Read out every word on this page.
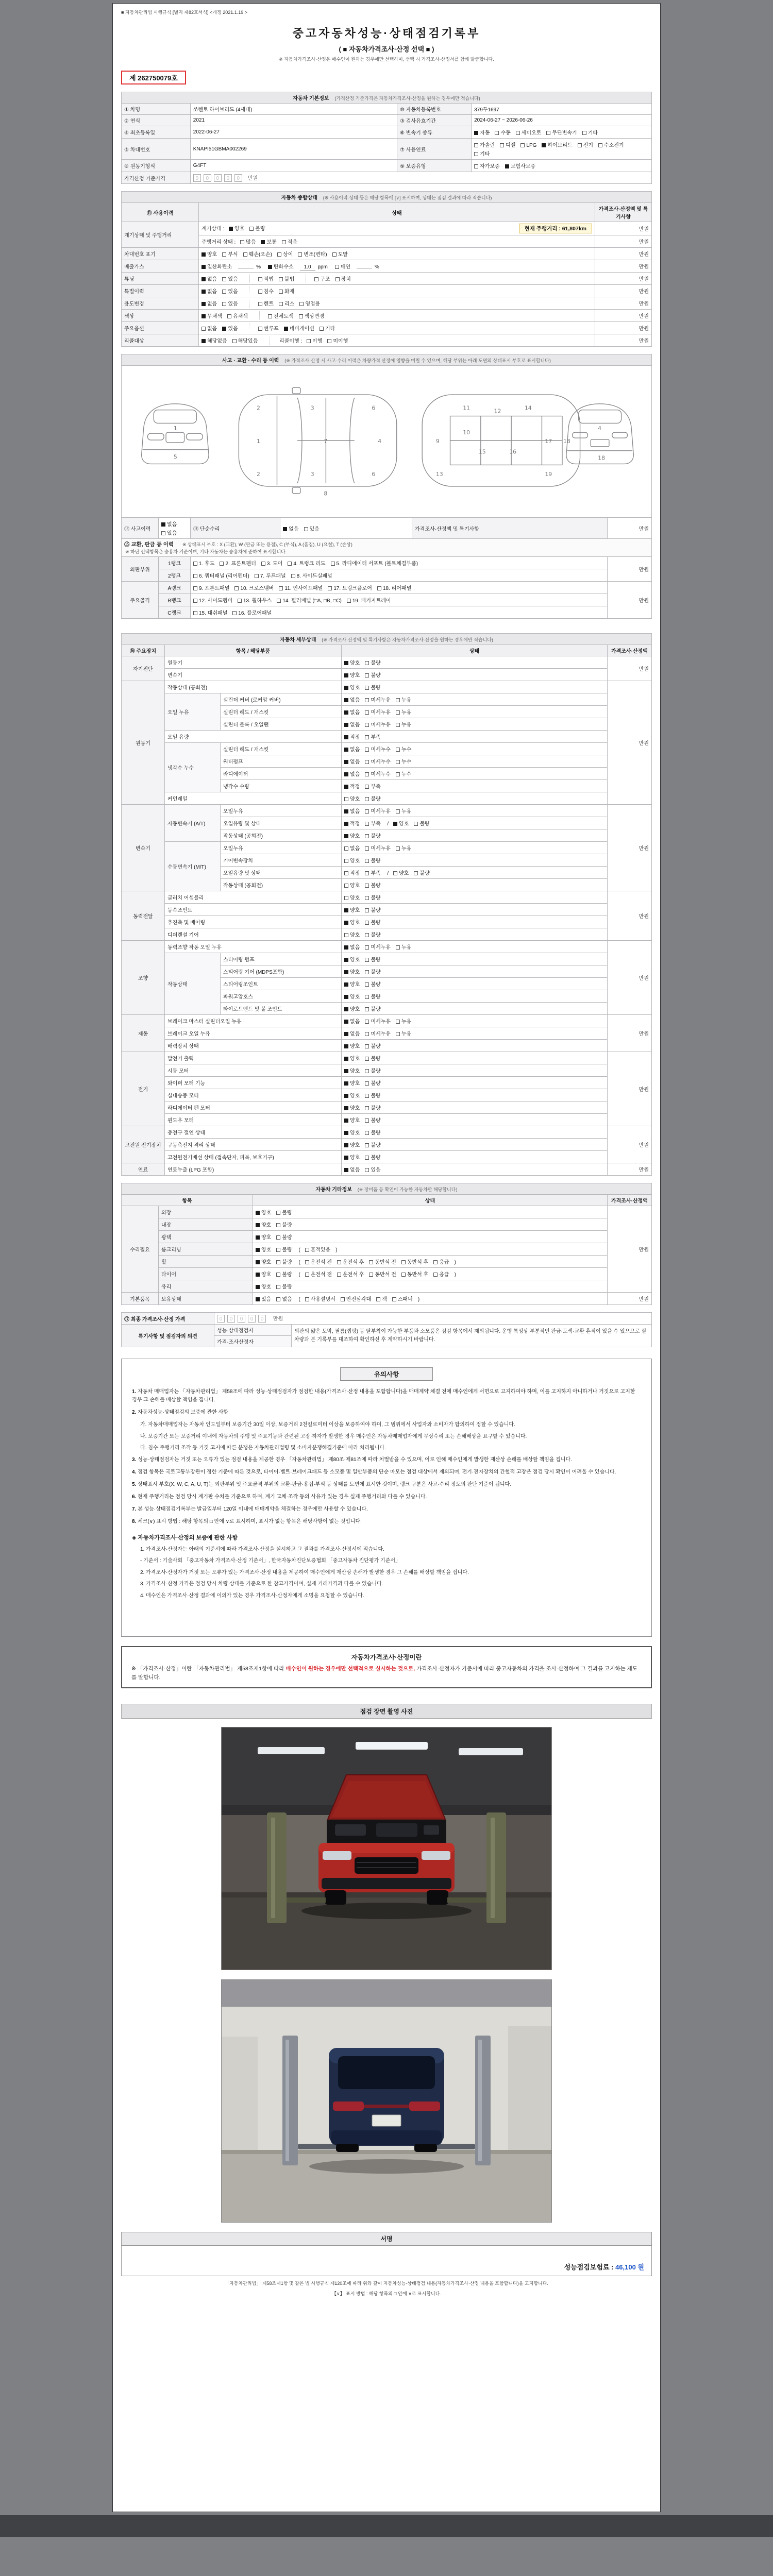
■ 자동차관리법 시행규칙 [별지 제82호서식] <개정 2021.1.19.>
중고자동차성능·상태점검기록부
( ■ 자동차가격조사·산정 선택 ■ )
※ 자동차가격조사·산정은 매수인이 원하는 경우에만 선택하며, 선택 시 가격조사·산정서를 함께 발급합니다.
제 262750079호
자동차 기본정보 (가격산정 기준가격은 자동차가격조사·산정을 원하는 경우에만 적습니다)			
① 차명	쏘렌토 하이브리드 (4세대)	⑩ 자동차등록번호	379두1697
② 연식	2021	③ 검사유효기간	2024-06-27 ~ 2026-06-26
④ 최초등록일	2022-06-27	⑥ 변속기 종류	자동 수동 세미오토 무단변속기 기타
⑤ 차대번호	KNAPI51GBMA002269	⑦ 사용연료	가솔린 디젤 LPG 하이브리드 전기 수소전기기타
⑧ 원동기형식	G4FT	⑨ 보증유형	자가보증 보험사보증
가격산정 기준가격	0 0 0 0 0 만원		
자동차 종합상태 (※ 사용이력·상태 등은 해당 항목에 [∨] 표시하며, 상태는 점검 결과에 따라 적습니다)		
⑪ 사용이력	상태	가격조사·산정액 및 특기사항
계기상태 및 주행거리	계기상태 : 양호 불량 현재 주행거리 : 61,807km	만원
	주행거리 상태 : 많음 보통 적음	만원
차대번호 표기	양호 부식 훼손(오손) 상이 변조(변타) 도말	만원
배출가스	일산화탄소 % 탄화수소 1.0 ppm 매연 %	만원
튜닝	없음 있음 적법 불법 구조 장치	만원
특별이력	없음 있음 침수 화재	만원
용도변경	없음 있음 렌트 리스 영업용	만원
색상	무채색 유채색 전체도색 색상변경	만원
주요옵션	없음 있음 썬루프 네비게이션 기타	만원
리콜대상	해당없음 해당있음 리콜이행 : 이행 미이행	만원
사고 · 교환 · 수리 등 이력 (※ 가격조사·산정 시 사고·수리 이력은 차량가격 산정에 영향을 미칠 수 있으며, 해당 부위는 아래 도면의 상태표시 부호로 표시합니다)					

1
5
1
2
2
3
3
7
6
6
4
8
9
10
11	12
13
14
15	16
17 18
19
4
18

⑬ 사고이력	없음있음	⑭ 단순수리	없음 있음	가격조사·산정액 및 특기사항	만원
⑮ 교환, 판금 등 이력 ※ 상태표시 부호 : X (교환), W (판금 또는 용접), C (부식), A (흠집), U (요철), T (손상)
※ 하단 선택항목은 승용차 기준이며, 기타 자동차는 승용차에 준하여 표시합니다.					
외판부위	1랭크	1. 후드 2. 프론트펜더 3. 도어 4. 트렁크 리드 5. 라디에이터 서포트 (볼트체결부품)			만원
	2랭크	6. 쿼터패널 (리어펜더) 7. 루프패널 8. 사이드실패널			
주요골격	A랭크	9. 프론트패널 10. 크로스멤버 11. 인사이드패널 17. 트렁크플로어 18. 리어패널			만원
	B랭크	12. 사이드멤버 13. 휠하우스 14. 필러패널 (□A, □B, □C) 19. 패키지트레이			
	C랭크	15. 대쉬패널 16. 플로어패널			
자동차 세부상태 (※ 가격조사·산정액 및 특기사항은 자동차가격조사·산정을 원하는 경우에만 적습니다)				
⑯ 주요장치	항목 / 해당부품		상태	가격조사·산정액
자기진단	원동기		양호 불량	만원
	변속기		양호 불량	
원동기	작동상태 (공회전)		양호 불량	만원
	오일 누유	실린더 커버 (로커암 커버)	없음 미세누유 누유	
		실린더 헤드 / 개스킷	없음 미세누유 누유	
		실린더 블록 / 오일팬	없음 미세누유 누유	
	오일 유량		적정 부족	
	냉각수 누수	실린더 헤드 / 개스킷	없음 미세누수 누수	
		워터펌프	없음 미세누수 누수	
		라디에이터	없음 미세누수 누수	
		냉각수 수량	적정 부족	
	커먼레일		양호 불량	
변속기	자동변속기 (A/T)	오일누유	없음 미세누유 누유	만원
		오일유량 및 상태	적정 부족 / 양호 불량	
		작동상태 (공회전)	양호 불량	
	수동변속기 (M/T)	오일누유	없음 미세누유 누유	
		기어변속장치	양호 불량	
		오일유량 및 상태	적정 부족 / 양호 불량	
		작동상태 (공회전)	양호 불량	
동력전달	클러치 어셈블리		양호 불량	만원
	등속조인트		양호 불량	
	추진축 및 베어링		양호 불량	
	디퍼렌셜 기어		양호 불량	
조향	동력조향 작동 오일 누유		없음 미세누유 누유	만원
	작동상태	스티어링 펌프	양호 불량	
		스티어링 기어 (MDPS포함)	양호 불량	
		스티어링조인트	양호 불량	
		파워고압호스	양호 불량	
		타이로드엔드 및 볼 조인트	양호 불량	
제동	브레이크 마스터 실린더오일 누유		없음 미세누유 누유	만원
	브레이크 오일 누유		없음 미세누유 누유	
	배력장치 상태		양호 불량	
전기	발전기 출력		양호 불량	만원
	시동 모터		양호 불량	
	와이퍼 모터 기능		양호 불량	
	실내송풍 모터		양호 불량	
	라디에이터 팬 모터		양호 불량	
	윈도우 모터		양호 불량	
고전원 전기장치	충전구 절연 상태		양호 불량	만원
	구동축전지 격리 상태		양호 불량	
	고전원전기배선 상태 (접속단자, 피복, 보호기구)		양호 불량	
연료	연료누출 (LPG 포함)		없음 있음	만원
자동차 기타정보 (※ 장비품 등 확인이 가능한 자동차만 해당합니다)			
항목		상태	가격조사·산정액
수리필요	외장	양호 불량	만원
	내장	양호 불량	
	광택	양호 불량	
	룸크리닝	양호 불량 ( 흔적있음 )	
	휠	양호 불량 ( 운전석 전 운전석 후 동반석 전 동반석 후 응급 )	
	타이어	양호 불량 ( 운전석 전 운전석 후 동반석 전 동반석 후 응급 )	
	유리	양호 불량	
기본품목	보유상태	있음 없음 ( 사용설명서 안전삼각대 잭 스패너 )	만원
⑰ 최종 가격조사·산정 가격	0 0 0 0 0 만원	
특기사항 및 점검자의 의견	성능·상태점검자	외판의 얇은 도막, 필름(랩핑) 등 탈부착이 가능한 부품과 소모품은 점검 항목에서 제외됩니다. 운행 특성상 부분적인 판금·도색·교환 흔적이 있을 수 있으므로 실 차량과 본 기록부를 대조하여 확인하신 후 계약하시기 바랍니다.
	가격·조사산정자	
유의사항
1. 자동차 매매업자는 「자동차관리법」 제58조에 따라 성능·상태점검자가 점검한 내용(가격조사·산정 내용을 포함합니다)을 매매계약 체결 전에 매수인에게 서면으로 고지하여야 하며, 이를 고지하지 아니하거나 거짓으로 고지한 경우 그 손해를 배상할 책임을 집니다.
2. 자동차성능·상태점검의 보증에 관한 사항
가. 자동차매매업자는 자동차 인도일부터 보증기간 30일 이상, 보증거리 2천킬로미터 이상을 보증하여야 하며, 그 범위에서 사업자와 소비자가 합의하여 정할 수 있습니다.
나. 보증기간 또는 보증거리 이내에 자동차의 주행 및 주요기능과 관련된 고장·하자가 발생한 경우 매수인은 자동차매매업자에게 무상수리 또는 손해배상을 요구할 수 있습니다.
다. 침수·주행거리 조작 등 거짓 고지에 따른 분쟁은 자동차관리법령 및 소비자분쟁해결기준에 따라 처리됩니다.
3. 성능·상태점검자는 거짓 또는 오류가 있는 점검 내용을 제공한 경우 「자동차관리법」 제80조·제81조에 따라 처벌받을 수 있으며, 이로 인해 매수인에게 발생한 재산상 손해를 배상할 책임을 집니다.
4. 점검 항목은 국토교통부장관이 정한 기준에 따른 것으로, 타이어·벨트·브레이크패드 등 소모품 및 일반부품의 단순 마모는 점검 대상에서 제외되며, 전기·전자장치의 간헐적 고장은 점검 당시 확인이 어려울 수 있습니다.
5. 상태표시 부호(X, W, C, A, U, T)는 외판부위 및 주요골격 부위의 교환·판금·용접·부식 등 상태를 도면에 표시한 것이며, 랭크 구분은 사고·수리 정도의 판단 기준이 됩니다.
6. 현재 주행거리는 점검 당시 계기판 수치를 기준으로 하며, 계기 교체·조작 등의 사유가 있는 경우 실제 주행거리와 다를 수 있습니다.
7. 본 성능·상태점검기록부는 발급일부터 120일 이내에 매매계약을 체결하는 경우에만 사용할 수 있습니다.
8. 체크(∨) 표시 방법 : 해당 항목의 □ 안에 ∨로 표시하며, 표시가 없는 항목은 해당사항이 없는 것입니다.
◈ 자동차가격조사·산정의 보증에 관한 사항
1. 가격조사·산정자는 아래의 기준서에 따라 가격조사·산정을 실시하고 그 결과를 가격조사·산정서에 적습니다.
- 기준서 : 기술사회 「중고자동차 가격조사·산정 기준서」, 한국자동차진단보증협회 「중고자동차 진단평가 기준서」
2. 가격조사·산정자가 거짓 또는 오류가 있는 가격조사·산정 내용을 제공하여 매수인에게 재산상 손해가 발생한 경우 그 손해를 배상할 책임을 집니다.
3. 가격조사·산정 가격은 점검 당시 차량 상태를 기준으로 한 참고가격이며, 실제 거래가격과 다를 수 있습니다.
4. 매수인은 가격조사·산정 결과에 이의가 있는 경우 가격조사·산정자에게 소명을 요청할 수 있습니다.
자동차가격조사·산정이란
※ 「가격조사·산정」이란 「자동차관리법」 제58조제1항에 따라 매수인이 원하는 경우에만 선택적으로 실시하는 것으로, 가격조사·산정자가 기준서에 따라 중고자동차의 가격을 조사·산정하여 그 결과를 고지하는 제도를 말합니다.
점검 장면 촬영 사진
서명
성능점검보험료 : 46,100 원
「자동차관리법」 제58조제1항 및 같은 법 시행규칙 제120조에 따라 위와 같이 자동차성능·상태점검 내용(자동차가격조사·산정 내용을 포함합니다)을 고지합니다.
【∨】 표시 방법 : 해당 항목의 □ 안에 ∨로 표시합니다.
